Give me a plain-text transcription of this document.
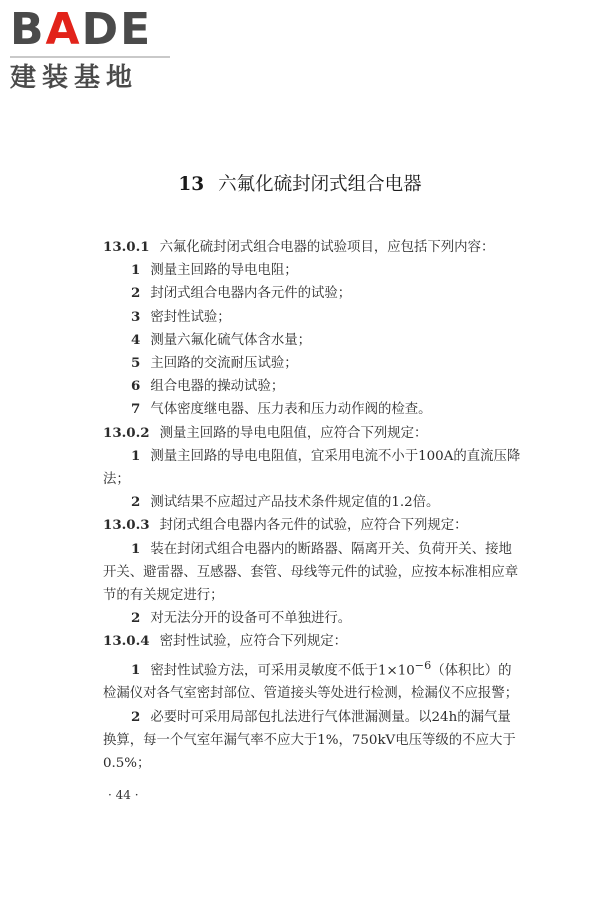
BADE
建装基地
13 六氟化硫封闭式组合电器

13.0.1 六氟化硫封闭式组合电器的试验项目，应包括下列内容：

1 测量主回路的导电电阻；

2 封闭式组合电器内各元件的试验；

3 密封性试验；

4 测量六氟化硫气体含水量；

5 主回路的交流耐压试验；

6 组合电器的操动试验；

7 气体密度继电器、压力表和压力动作阀的检查。

13.0.2 测量主回路的导电电阻值，应符合下列规定：

1 测量主回路的导电电阻值，宜采用电流不小于100A的直流压降法；

2 测试结果不应超过产品技术条件规定值的1.2倍。

13.0.3 封闭式组合电器内各元件的试验，应符合下列规定：

1 装在封闭式组合电器内的断路器、隔离开关、负荷开关、接地开关、避雷器、互感器、套管、母线等元件的试验，应按本标准相应章节的有关规定进行；

2 对无法分开的设备可不单独进行。

13.0.4 密封性试验，应符合下列规定：

1 密封性试验方法，可采用灵敏度不低于$1\times 10^{-6}$（体积比）的检漏仪对各气室密封部位、管道接头等处进行检测，检漏仪不应报警；

2 必要时可采用局部包扎法进行气体泄漏测量。以24h的漏气量换算，每一个气室年漏气率不应大于1%，750kV电压等级的不应大于0.5%；

· 44 ·
